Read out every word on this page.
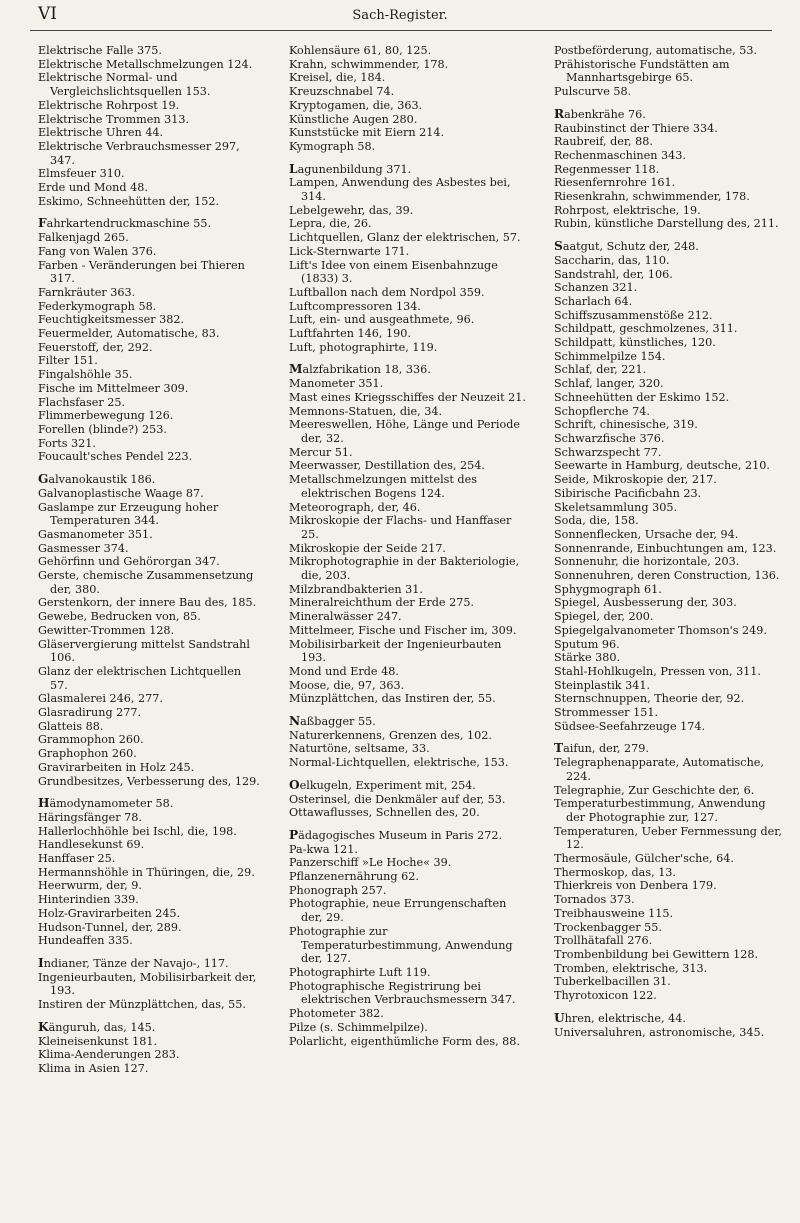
VI	Sach-Register.
Elektrische Falle 375.
Elektrische Metallschmelzungen 124.
Elektrische Normal- und Vergleichslichtsquellen 153.
Elektrische Rohrpost 19.
Elektrische Trommen 313.
Elektrische Uhren 44.
Elektrische Verbrauchsmesser 297, 347.
Elmsfeuer 310.
Erde und Mond 48.
Eskimo, Schneehütten der, 152.
Fahrkartendruckmaschine 55.
Falkenjagd 265.
Fang von Walen 376.
Farben - Veränderungen bei Thieren 317.
Farnkräuter 363.
Federkymograph 58.
Feuchtigkeitsmesser 382.
Feuermelder, Automatische, 83.
Feuerstoff, der, 292.
Filter 151.
Fingalshöhle 35.
Fische im Mittelmeer 309.
Flachsfaser 25.
Flimmerbewegung 126.
Forellen (blinde?) 253.
Forts 321.
Foucault'sches Pendel 223.
Galvanokaustik 186.
Galvanoplastische Waage 87.
Gaslampe zur Erzeugung hoher Temperaturen 344.
Gasmanometer 351.
Gasmesser 374.
Gehörfinn und Gehörorgan 347.
Gerste, chemische Zusammensetzung der, 380.
Gerstenkorn, der innere Bau des, 185.
Gewebe, Bedrucken von, 85.
Gewitter-Trommen 128.
Gläservergierung mittelst Sandstrahl 106.
Glanz der elektrischen Lichtquellen 57.
Glasmalerei 246, 277.
Glasradirung 277.
Glatteis 88.
Grammophon 260.
Graphophon 260.
Gravirarbeiten in Holz 245.
Grundbesitzes, Verbesserung des, 129.
Hämodynamometer 58.
Häringsfänger 78.
Hallerlochhöhle bei Ischl, die, 198.
Handlesekunst 69.
Hanffaser 25.
Hermannshöhle in Thüringen, die, 29.
Heerwurm, der, 9.
Hinterindien 339.
Holz-Gravirarbeiten 245.
Hudson-Tunnel, der, 289.
Hundeaffen 335.
Indianer, Tänze der Navajo-, 117.
Ingenieurbauten, Mobilisirbarkeit der, 193.
Instiren der Münzplättchen, das, 55.
Känguruh, das, 145.
Kleineisenkunst 181.
Klima-Aenderungen 283.
Klima in Asien 127.
Kohlensäure 61, 80, 125.
Krahn, schwimmender, 178.
Kreisel, die, 184.
Kreuzschnabel 74.
Kryptogamen, die, 363.
Künstliche Augen 280.
Kunststücke mit Eiern 214.
Kymograph 58.
Lagunenbildung 371.
Lampen, Anwendung des Asbestes bei, 314.
Lebelgewehr, das, 39.
Lepra, die, 26.
Lichtquellen, Glanz der elektrischen, 57.
Lick-Sternwarte 171.
Lift's Idee von einem Eisenbahnzuge (1833) 3.
Luftballon nach dem Nordpol 359.
Luftcompressoren 134.
Luft, ein- und ausgeathmete, 96.
Luftfahrten 146, 190.
Luft, photographirte, 119.
Malzfabrikation 18, 336.
Manometer 351.
Mast eines Kriegsschiffes der Neuzeit 21.
Memnons-Statuen, die, 34.
Meereswellen, Höhe, Länge und Periode der, 32.
Mercur 51.
Meerwasser, Destillation des, 254.
Metallschmelzungen mittelst des elektrischen Bogens 124.
Meteorograph, der, 46.
Mikroskopie der Flachs- und Hanffaser 25.
Mikroskopie der Seide 217.
Mikrophotographie in der Bakteriologie, die, 203.
Milzbrandbakterien 31.
Mineralreichthum der Erde 275.
Mineralwässer 247.
Mittelmeer, Fische und Fischer im, 309.
Mobilisirbarkeit der Ingenieurbauten 193.
Mond und Erde 48.
Moose, die, 97, 363.
Münzplättchen, das Instiren der, 55.
Naßbagger 55.
Naturerkennens, Grenzen des, 102.
Naturtöne, seltsame, 33.
Normal-Lichtquellen, elektrische, 153.
Oelkugeln, Experiment mit, 254.
Osterinsel, die Denkmäler auf der, 53.
Ottawaflusses, Schnellen des, 20.
Pädagogisches Museum in Paris 272.
Pa-kwa 121.
Panzerschiff »Le Hoche« 39.
Pflanzenernährung 62.
Phonograph 257.
Photographie, neue Errungenschaften der, 29.
Photographie zur Temperaturbestimmung, Anwendung der, 127.
Photographirte Luft 119.
Photographische Registrirung bei elektrischen Verbrauchsmessern 347.
Photometer 382.
Pilze (s. Schimmelpilze).
Polarlicht, eigenthümliche Form des, 88.
Postbeförderung, automatische, 53.
Prähistorische Fundstätten am Mannhartsgebirge 65.
Pulscurve 58.
Rabenkrähe 76.
Raubinstinct der Thiere 334.
Raubreif, der, 88.
Rechenmaschinen 343.
Regenmesser 118.
Riesenfernrohre 161.
Riesenkrahn, schwimmender, 178.
Rohrpost, elektrische, 19.
Rubin, künstliche Darstellung des, 211.
Saatgut, Schutz der, 248.
Saccharin, das, 110.
Sandstrahl, der, 106.
Schanzen 321.
Scharlach 64.
Schiffszusammenstöße 212.
Schildpatt, geschmolzenes, 311.
Schildpatt, künstliches, 120.
Schimmelpilze 154.
Schlaf, der, 221.
Schlaf, langer, 320.
Schneehütten der Eskimo 152.
Schopflerche 74.
Schrift, chinesische, 319.
Schwarzfische 376.
Schwarzspecht 77.
Seewarte in Hamburg, deutsche, 210.
Seide, Mikroskopie der, 217.
Sibirische Pacificbahn 23.
Skeletsammlung 305.
Soda, die, 158.
Sonnenflecken, Ursache der, 94.
Sonnenrande, Einbuchtungen am, 123.
Sonnenuhr, die horizontale, 203.
Sonnenuhren, deren Construction, 136.
Sphygmograph 61.
Spiegel, Ausbesserung der, 303.
Spiegel, der, 200.
Spiegelgalvanometer Thomson's 249.
Sputum 96.
Stärke 380.
Stahl-Hohlkugeln, Pressen von, 311.
Steinplastik 341.
Sternschnuppen, Theorie der, 92.
Strommesser 151.
Südsee-Seefahrzeuge 174.
Taifun, der, 279.
Telegraphenapparate, Automatische, 224.
Telegraphie, Zur Geschichte der, 6.
Temperaturbestimmung, Anwendung der Photographie zur, 127.
Temperaturen, Ueber Fernmessung der, 12.
Thermosäule, Gülcher'sche, 64.
Thermoskop, das, 13.
Thierkreis von Denbera 179.
Tornados 373.
Treibhausweine 115.
Trockenbagger 55.
Trollhätafall 276.
Trombenbildung bei Gewittern 128.
Tromben, elektrische, 313.
Tuberkelbacillen 31.
Thyrotoxicon 122.
Uhren, elektrische, 44.
Universaluhren, astronomische, 345.
